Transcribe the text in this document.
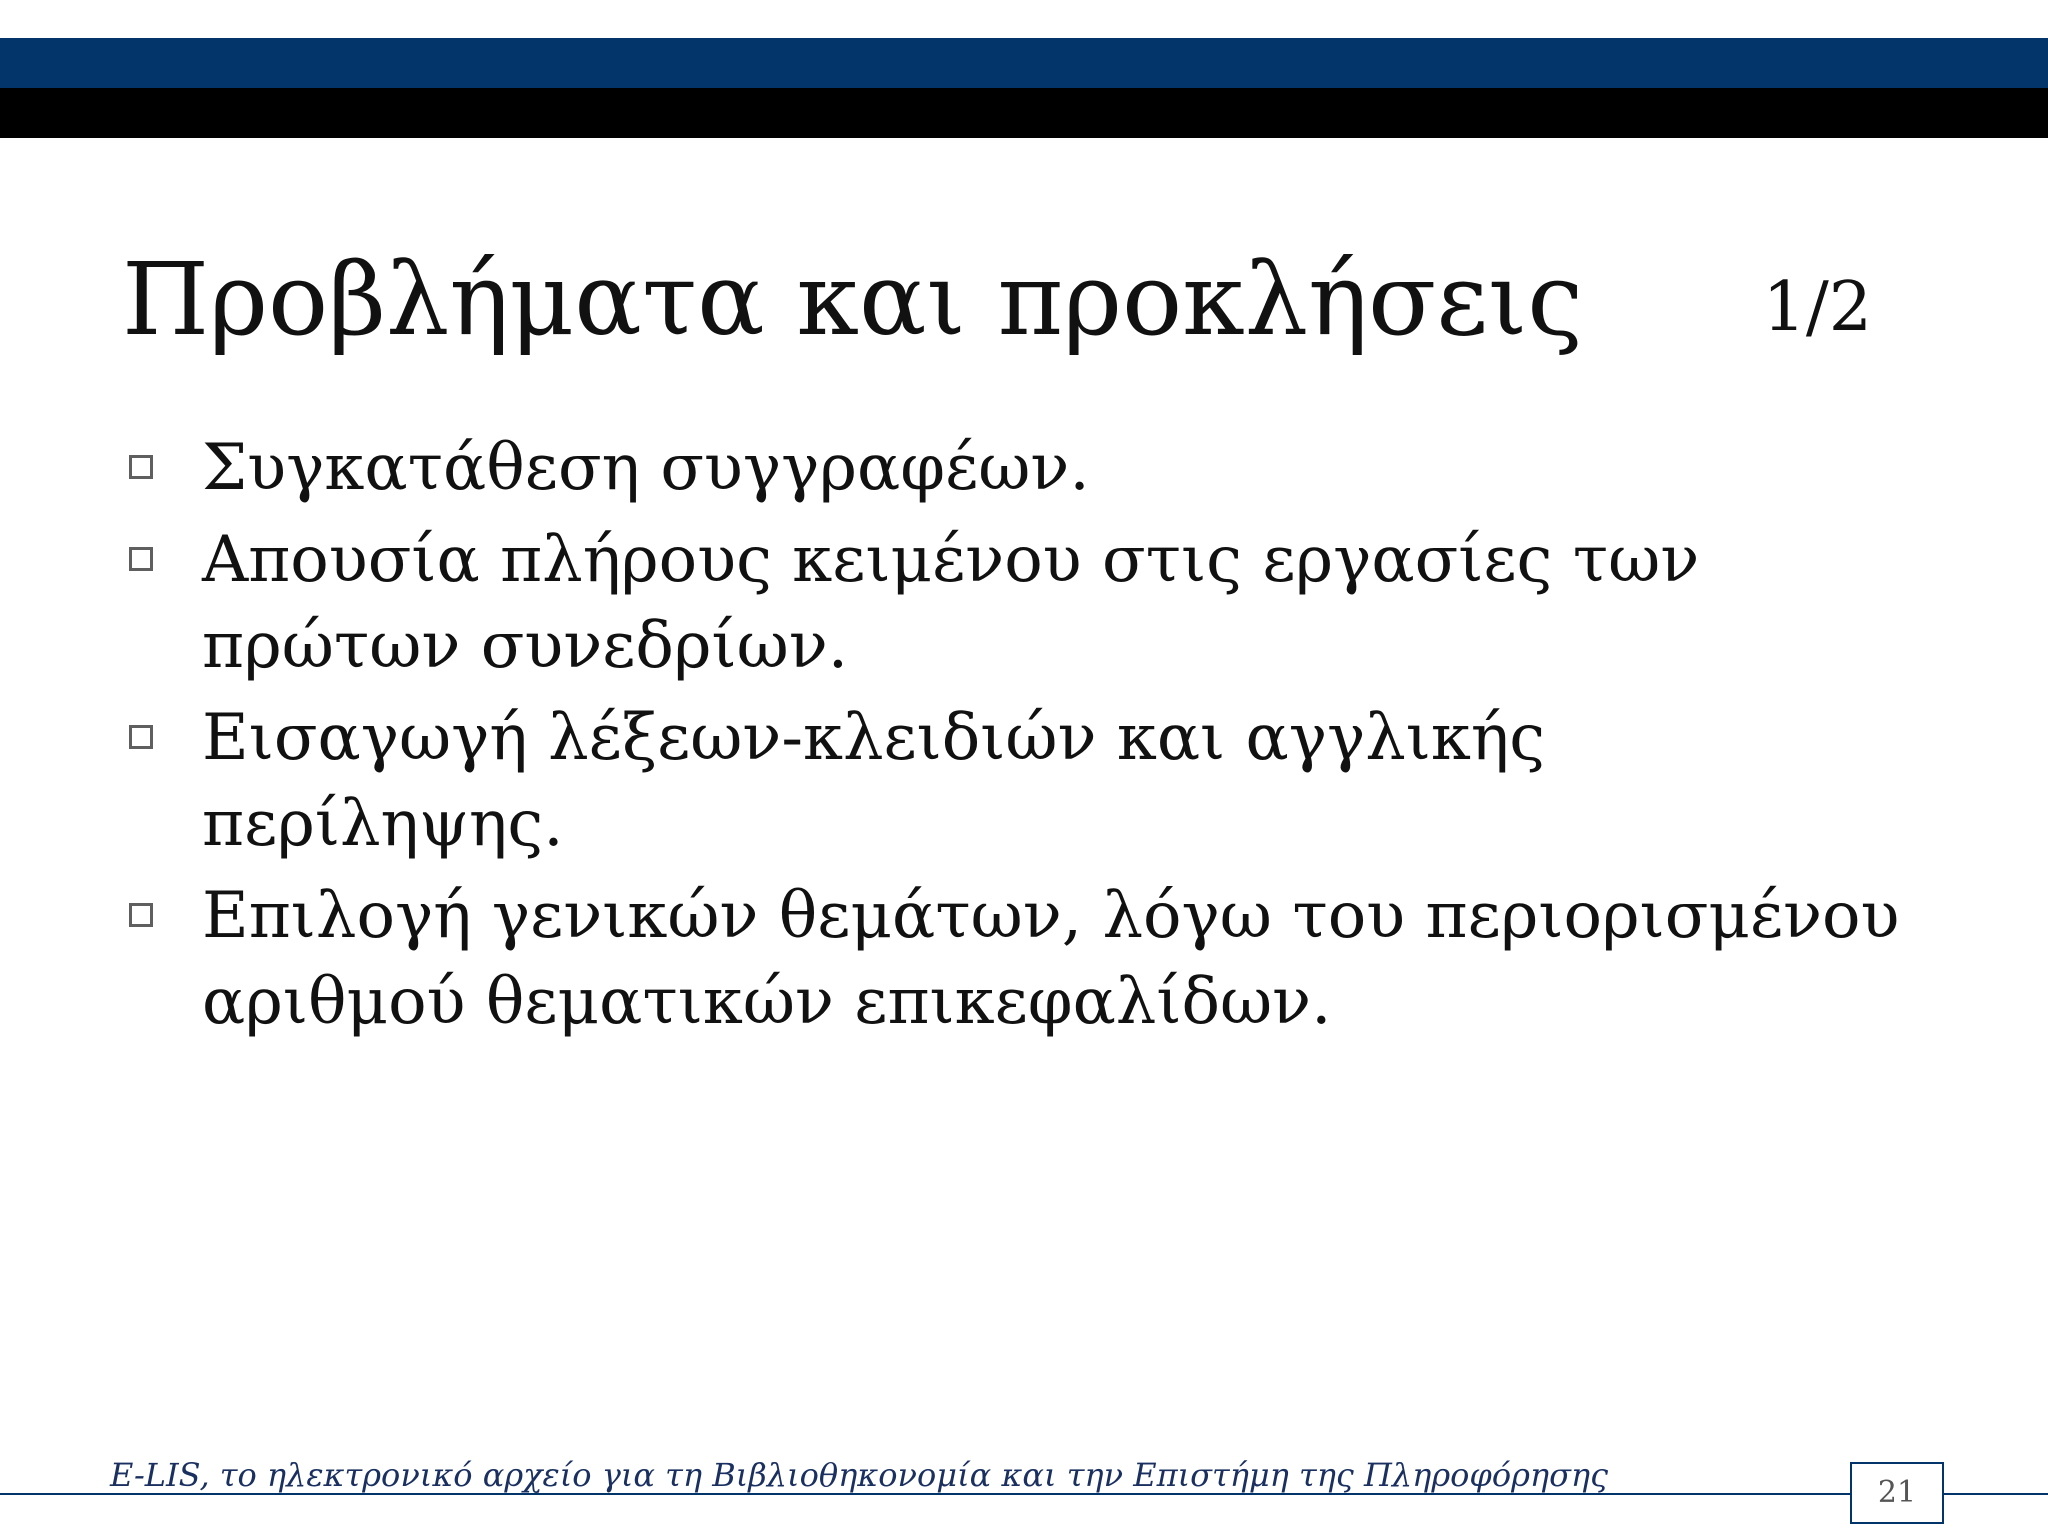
Προβλήματα και προκλήσεις	1/2
Συγκατάθεση συγγραφέων.
Απουσία πλήρους κειμένου στις εργασίες των πρώτων συνεδρίων.
Εισαγωγή λέξεων-κλειδιών και αγγλικής περίληψης.
Επιλογή γενικών θεμάτων, λόγω του περιορισμένου αριθμού θεματικών επικεφαλίδων.
E-LIS, το ηλεκτρονικό αρχείο για τη Βιβλιοθηκονομία και την Επιστήμη της Πληροφόρησης	21
